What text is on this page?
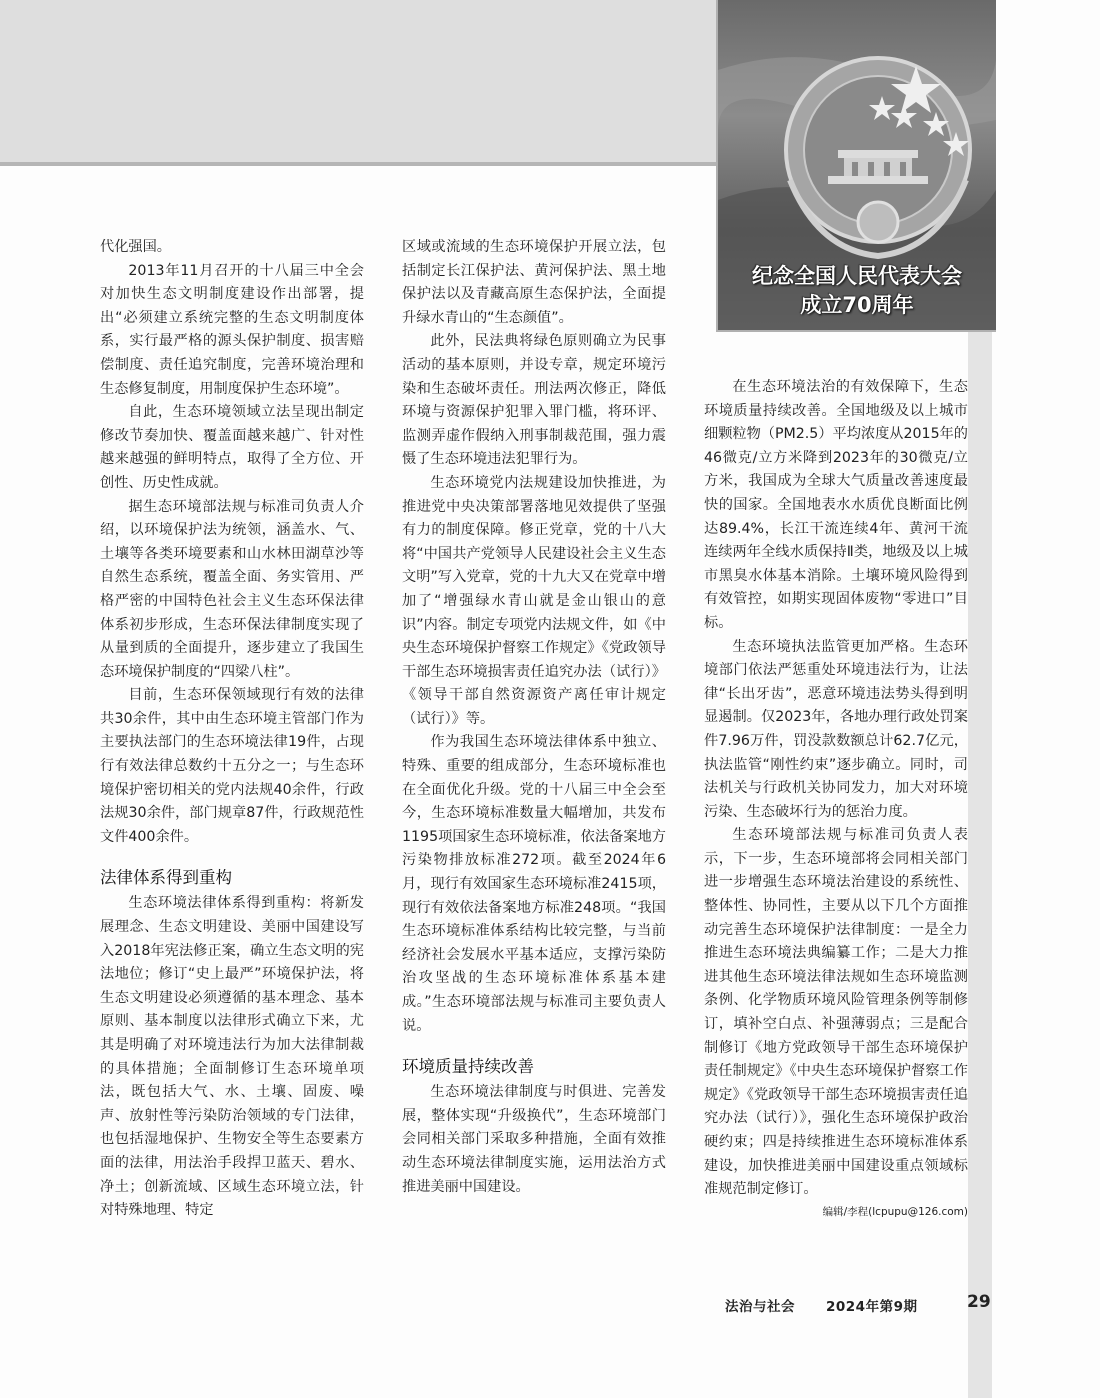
纪念全国人民代表大会
成立70周年

代化强国。

2013年11月召开的十八届三中全会对加快生态文明制度建设作出部署，提出“必须建立系统完整的生态文明制度体系，实行最严格的源头保护制度、损害赔偿制度、责任追究制度，完善环境治理和生态修复制度，用制度保护生态环境”。

自此，生态环境领域立法呈现出制定修改节奏加快、覆盖面越来越广、针对性越来越强的鲜明特点，取得了全方位、开创性、历史性成就。

据生态环境部法规与标准司负责人介绍，以环境保护法为统领，涵盖水、气、土壤等各类环境要素和山水林田湖草沙等自然生态系统，覆盖全面、务实管用、严格严密的中国特色社会主义生态环保法律体系初步形成，生态环保法律制度实现了从量到质的全面提升，逐步建立了我国生态环境保护制度的“四梁八柱”。

目前，生态环保领域现行有效的法律共30余件，其中由生态环境主管部门作为主要执法部门的生态环境法律19件，占现行有效法律总数约十五分之一；与生态环境保护密切相关的党内法规40余件，行政法规30余件，部门规章87件，行政规范性文件400余件。

法律体系得到重构

生态环境法律体系得到重构：将新发展理念、生态文明建设、美丽中国建设写入2018年宪法修正案，确立生态文明的宪法地位；修订“史上最严”环境保护法，将生态文明建设必须遵循的基本理念、基本原则、基本制度以法律形式确立下来，尤其是明确了对环境违法行为加大法律制裁的具体措施；全面制修订生态环境单项法，既包括大气、水、土壤、固废、噪声、放射性等污染防治领域的专门法律，也包括湿地保护、生物安全等生态要素方面的法律，用法治手段捍卫蓝天、碧水、净土；创新流域、区域生态环境立法，针对特殊地理、特定

区域或流域的生态环境保护开展立法，包括制定长江保护法、黄河保护法、黑土地保护法以及青藏高原生态保护法，全面提升绿水青山的“生态颜值”。

此外，民法典将绿色原则确立为民事活动的基本原则，并设专章，规定环境污染和生态破坏责任。刑法两次修正，降低环境与资源保护犯罪入罪门槛，将环评、监测弄虚作假纳入刑事制裁范围，强力震慑了生态环境违法犯罪行为。

生态环境党内法规建设加快推进，为推进党中央决策部署落地见效提供了坚强有力的制度保障。修正党章，党的十八大将“中国共产党领导人民建设社会主义生态文明”写入党章，党的十九大又在党章中增加了“增强绿水青山就是金山银山的意识”内容。制定专项党内法规文件，如《中央生态环境保护督察工作规定》《党政领导干部生态环境损害责任追究办法（试行）》《领导干部自然资源资产离任审计规定（试行）》等。

作为我国生态环境法律体系中独立、特殊、重要的组成部分，生态环境标准也在全面优化升级。党的十八届三中全会至今，生态环境标准数量大幅增加，共发布1195项国家生态环境标准，依法备案地方污染物排放标准272项。截至2024年6月，现行有效国家生态环境标准2415项，现行有效依法备案地方标准248项。“我国生态环境标准体系结构比较完整，与当前经济社会发展水平基本适应，支撑污染防治攻坚战的生态环境标准体系基本建成。”生态环境部法规与标准司主要负责人说。

环境质量持续改善

生态环境法律制度与时俱进、完善发展，整体实现“升级换代”，生态环境部门会同相关部门采取多种措施，全面有效推动生态环境法律制度实施，运用法治方式推进美丽中国建设。

在生态环境法治的有效保障下，生态环境质量持续改善。全国地级及以上城市细颗粒物（PM2.5）平均浓度从2015年的46微克/立方米降到2023年的30微克/立方米，我国成为全球大气质量改善速度最快的国家。全国地表水水质优良断面比例达89.4%，长江干流连续4年、黄河干流连续两年全线水质保持Ⅱ类，地级及以上城市黑臭水体基本消除。土壤环境风险得到有效管控，如期实现固体废物“零进口”目标。

生态环境执法监管更加严格。生态环境部门依法严惩重处环境违法行为，让法律“长出牙齿”，恶意环境违法势头得到明显遏制。仅2023年，各地办理行政处罚案件7.96万件，罚没款数额总计62.7亿元，执法监管“刚性约束”逐步确立。同时，司法机关与行政机关协同发力，加大对环境污染、生态破坏行为的惩治力度。

生态环境部法规与标准司负责人表示，下一步，生态环境部将会同相关部门进一步增强生态环境法治建设的系统性、整体性、协同性，主要从以下几个方面推动完善生态环境保护法律制度：一是全力推进生态环境法典编纂工作；二是大力推进其他生态环境法律法规如生态环境监测条例、化学物质环境风险管理条例等制修订，填补空白点、补强薄弱点；三是配合制修订《地方党政领导干部生态环境保护责任制规定》《中央生态环境保护督察工作规定》《党政领导干部生态环境损害责任追究办法（试行）》，强化生态环境保护政治硬约束；四是持续推进生态环境标准体系建设，加快推进美丽中国建设重点领域标准规范制定修订。

编辑/李程(lcpupu@126.com)
法治与社会 2024年第9期	29
